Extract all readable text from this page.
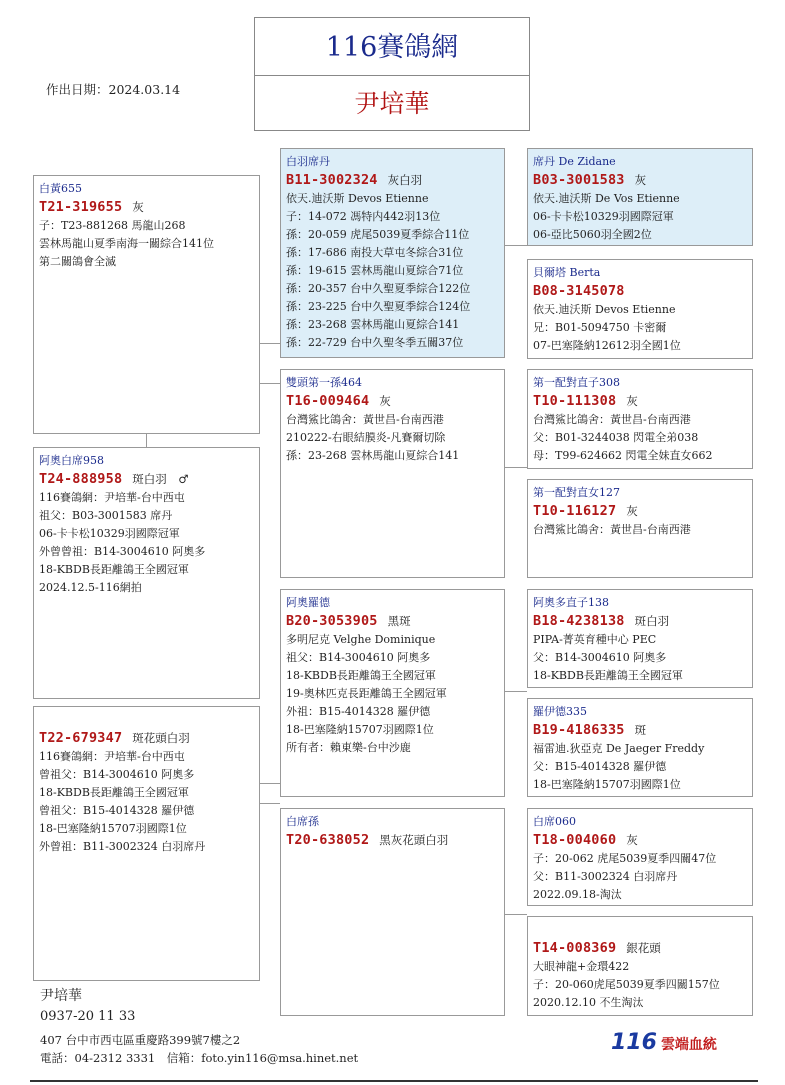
116賽鴿網
尹培華
作出日期：2024.03.14
白黃655
T21-319655 灰
子：T23-881268 馬龍山268
雲林馬龍山夏季南海一關綜合141位
第二關鴿會全滅
阿奧白席958
T24-888958 斑白羽　♂
116賽鴿網：尹培華-台中西屯
祖父：B03-3001583 席丹
06-卡卡松10329羽國際冠軍
外曾曾祖：B14-3004610 阿奧多
18-KBDB長距離鴿王全國冠軍
2024.12.5-116網拍

T22-679347 斑花頭白羽
116賽鴿網：尹培華-台中西屯
曾祖父：B14-3004610 阿奧多
18-KBDB長距離鴿王全國冠軍
曾祖父：B15-4014328 羅伊德
18-巴塞隆納15707羽國際1位
外曾祖：B11-3002324 白羽席丹
白羽席丹
B11-3002324 灰白羽
依天.迪沃斯 Devos Etienne
子：14-072 馮特内442羽13位
孫：20-059 虎尾5039夏季綜合11位
孫：17-686 南投大草屯冬綜合31位
孫：19-615 雲林馬龍山夏綜合71位
孫：20-357 台中久聖夏季綜合122位
孫：23-225 台中久聖夏季綜合124位
孫：23-268 雲林馬龍山夏綜合141
孫：22-729 台中久聖冬季五關37位
雙頭第一孫464
T16-009464 灰
台灣鯊比鴿舍：黃世昌-台南西港
210222-右眼結膜炎-凡賽爾切除
孫：23-268 雲林馬龍山夏綜合141
阿奧羅德
B20-3053905 黑斑
多明尼克 Velghe Dominique
祖父：B14-3004610 阿奧多
18-KBDB長距離鴿王全國冠軍
19-奧林匹克長距離鴿王全國冠軍
外祖：B15-4014328 羅伊德
18-巴塞隆納15707羽國際1位
所有者：賴東樂-台中沙鹿
白席孫
T20-638052 黑灰花頭白羽
席丹 De Zidane
B03-3001583 灰
依天.迪沃斯 De Vos Etienne
06-卡卡松10329羽國際冠軍
06-亞比5060羽全國2位
貝爾塔 Berta
B08-3145078
依天.迪沃斯 Devos Etienne
兄：B01-5094750 卡密爾
07-巴塞隆納12612羽全國1位
第一配對直子308
T10-111308 灰
台灣鯊比鴿舍：黃世昌-台南西港
父：B01-3244038 閃電全弟038
母：T99-624662 閃電全妹直女662
第一配對直女127
T10-116127 灰
台灣鯊比鴿舍：黃世昌-台南西港
阿奧多直子138
B18-4238138 斑白羽
PIPA-菁英育種中心 PEC
父：B14-3004610 阿奧多
18-KBDB長距離鴿王全國冠軍
羅伊德335
B19-4186335 斑
福雷迪.狄亞克 De Jaeger Freddy
父：B15-4014328 羅伊德
18-巴塞隆納15707羽國際1位
白席060
T18-004060 灰
子：20-062 虎尾5039夏季四關47位
父：B11-3002324 白羽席丹
2022.09.18-淘汰

T14-008369 銀花頭
大眼神龍+金環422
子：20-060虎尾5039夏季四關157位
2020.12.10 不生淘汰
尹培華
0937-20 11 33
407 台中市西屯區重慶路399號7樓之2
電話：04-2312 3331　信箱：foto.yin116@msa.hinet.net
116 雲端血統
